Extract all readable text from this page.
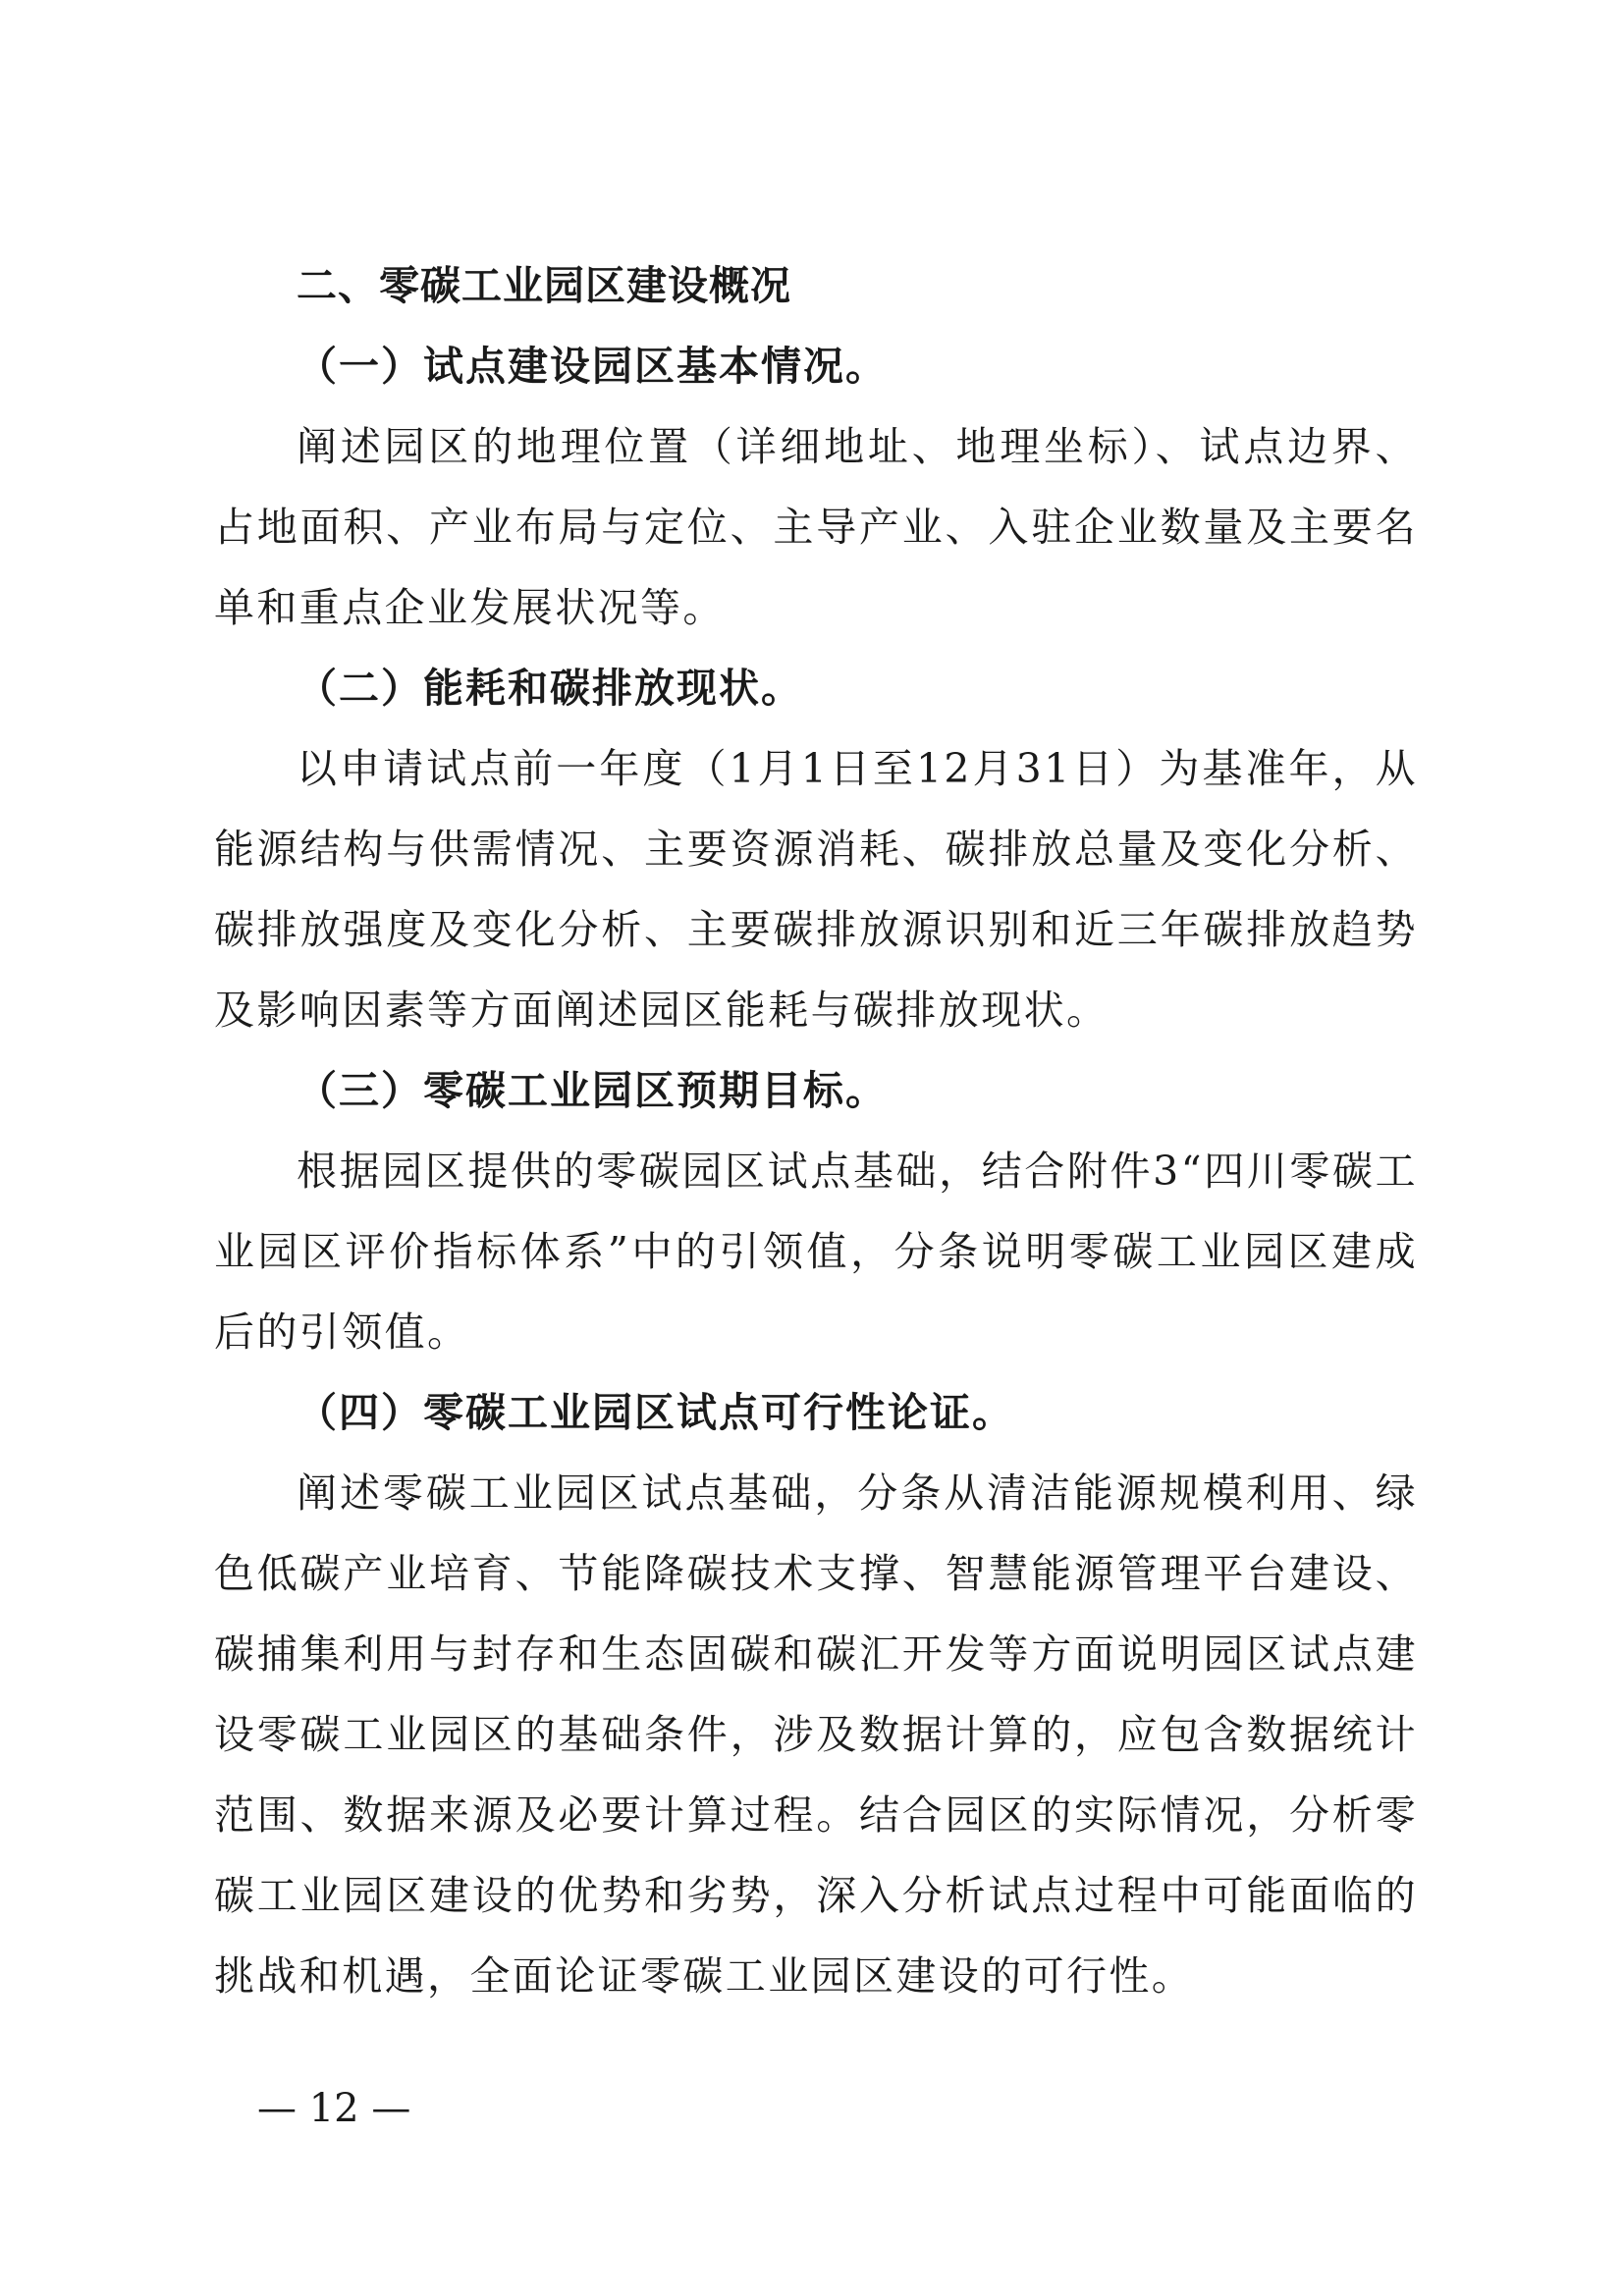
二、零碳工业园区建设概况
（一）试点建设园区基本情况。

阐述园区的地理位置（详细地址、地理坐标）、试点边界、占地面积、产业布局与定位、主导产业、入驻企业数量及主要名单和重点企业发展状况等。

（二）能耗和碳排放现状。

以申请试点前一年度（1月1日至12月31日）为基准年，从能源结构与供需情况、主要资源消耗、碳排放总量及变化分析、碳排放强度及变化分析、主要碳排放源识别和近三年碳排放趋势及影响因素等方面阐述园区能耗与碳排放现状。

（三）零碳工业园区预期目标。

根据园区提供的零碳园区试点基础，结合附件3“四川零碳工业园区评价指标体系”中的引领值，分条说明零碳工业园区建成后的引领值。

（四）零碳工业园区试点可行性论证。

阐述零碳工业园区试点基础，分条从清洁能源规模利用、绿色低碳产业培育、节能降碳技术支撑、智慧能源管理平台建设、碳捕集利用与封存和生态固碳和碳汇开发等方面说明园区试点建设零碳工业园区的基础条件，涉及数据计算的，应包含数据统计范围、数据来源及必要计算过程。结合园区的实际情况，分析零碳工业园区建设的优势和劣势，深入分析试点过程中可能面临的挑战和机遇，全面论证零碳工业园区建设的可行性。

— 12 —
